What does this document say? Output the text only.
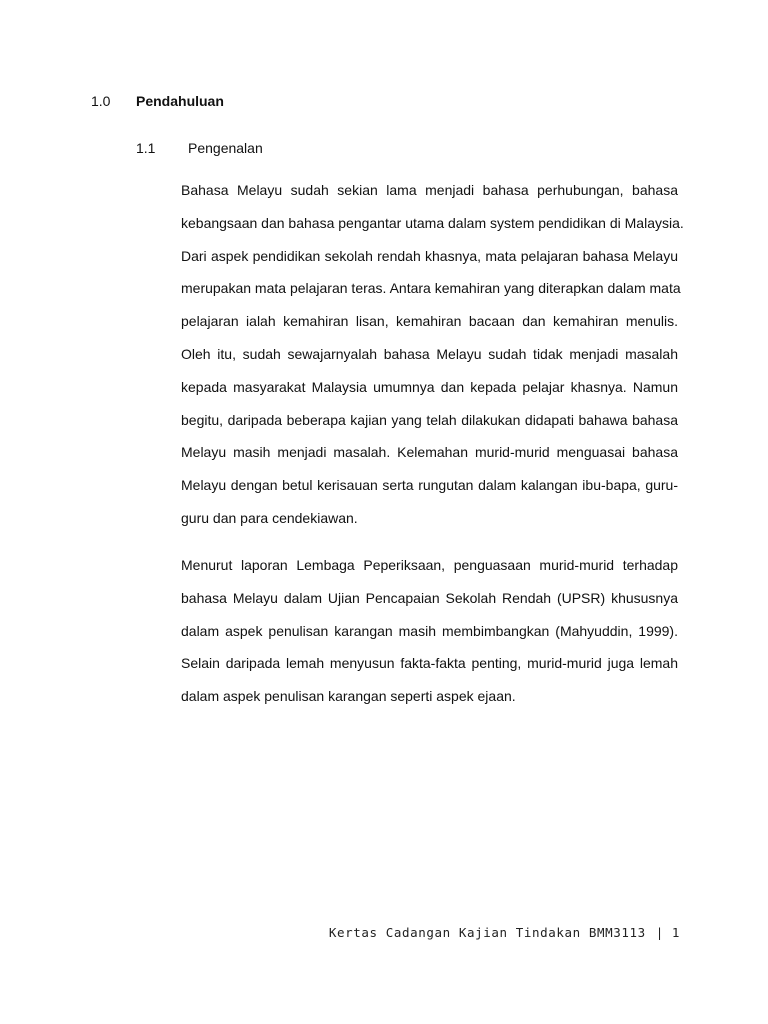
1.0 Pendahuluan
1.1 Pengenalan
Bahasa Melayu sudah sekian lama menjadi bahasa perhubungan, bahasa
kebangsaan dan bahasa pengantar utama dalam system pendidikan di Malaysia.
Dari aspek pendidikan sekolah rendah khasnya, mata pelajaran bahasa Melayu
merupakan mata pelajaran teras. Antara kemahiran yang diterapkan dalam mata
pelajaran ialah kemahiran lisan, kemahiran bacaan dan kemahiran menulis.
Oleh itu, sudah sewajarnyalah bahasa Melayu sudah tidak menjadi masalah
kepada masyarakat Malaysia umumnya dan kepada pelajar khasnya. Namun
begitu, daripada beberapa kajian yang telah dilakukan didapati bahawa bahasa
Melayu masih menjadi masalah. Kelemahan murid-murid menguasai bahasa
Melayu dengan betul kerisauan serta rungutan dalam kalangan ibu-bapa, guru-
guru dan para cendekiawan.
Menurut laporan Lembaga Peperiksaan, penguasaan murid-murid terhadap
bahasa Melayu dalam Ujian Pencapaian Sekolah Rendah (UPSR) khususnya
dalam aspek penulisan karangan masih membimbangkan (Mahyuddin, 1999).
Selain daripada lemah menyusun fakta-fakta penting, murid-murid juga lemah
dalam aspek penulisan karangan seperti aspek ejaan.
Kertas Cadangan Kajian Tindakan BMM3113 | 1
